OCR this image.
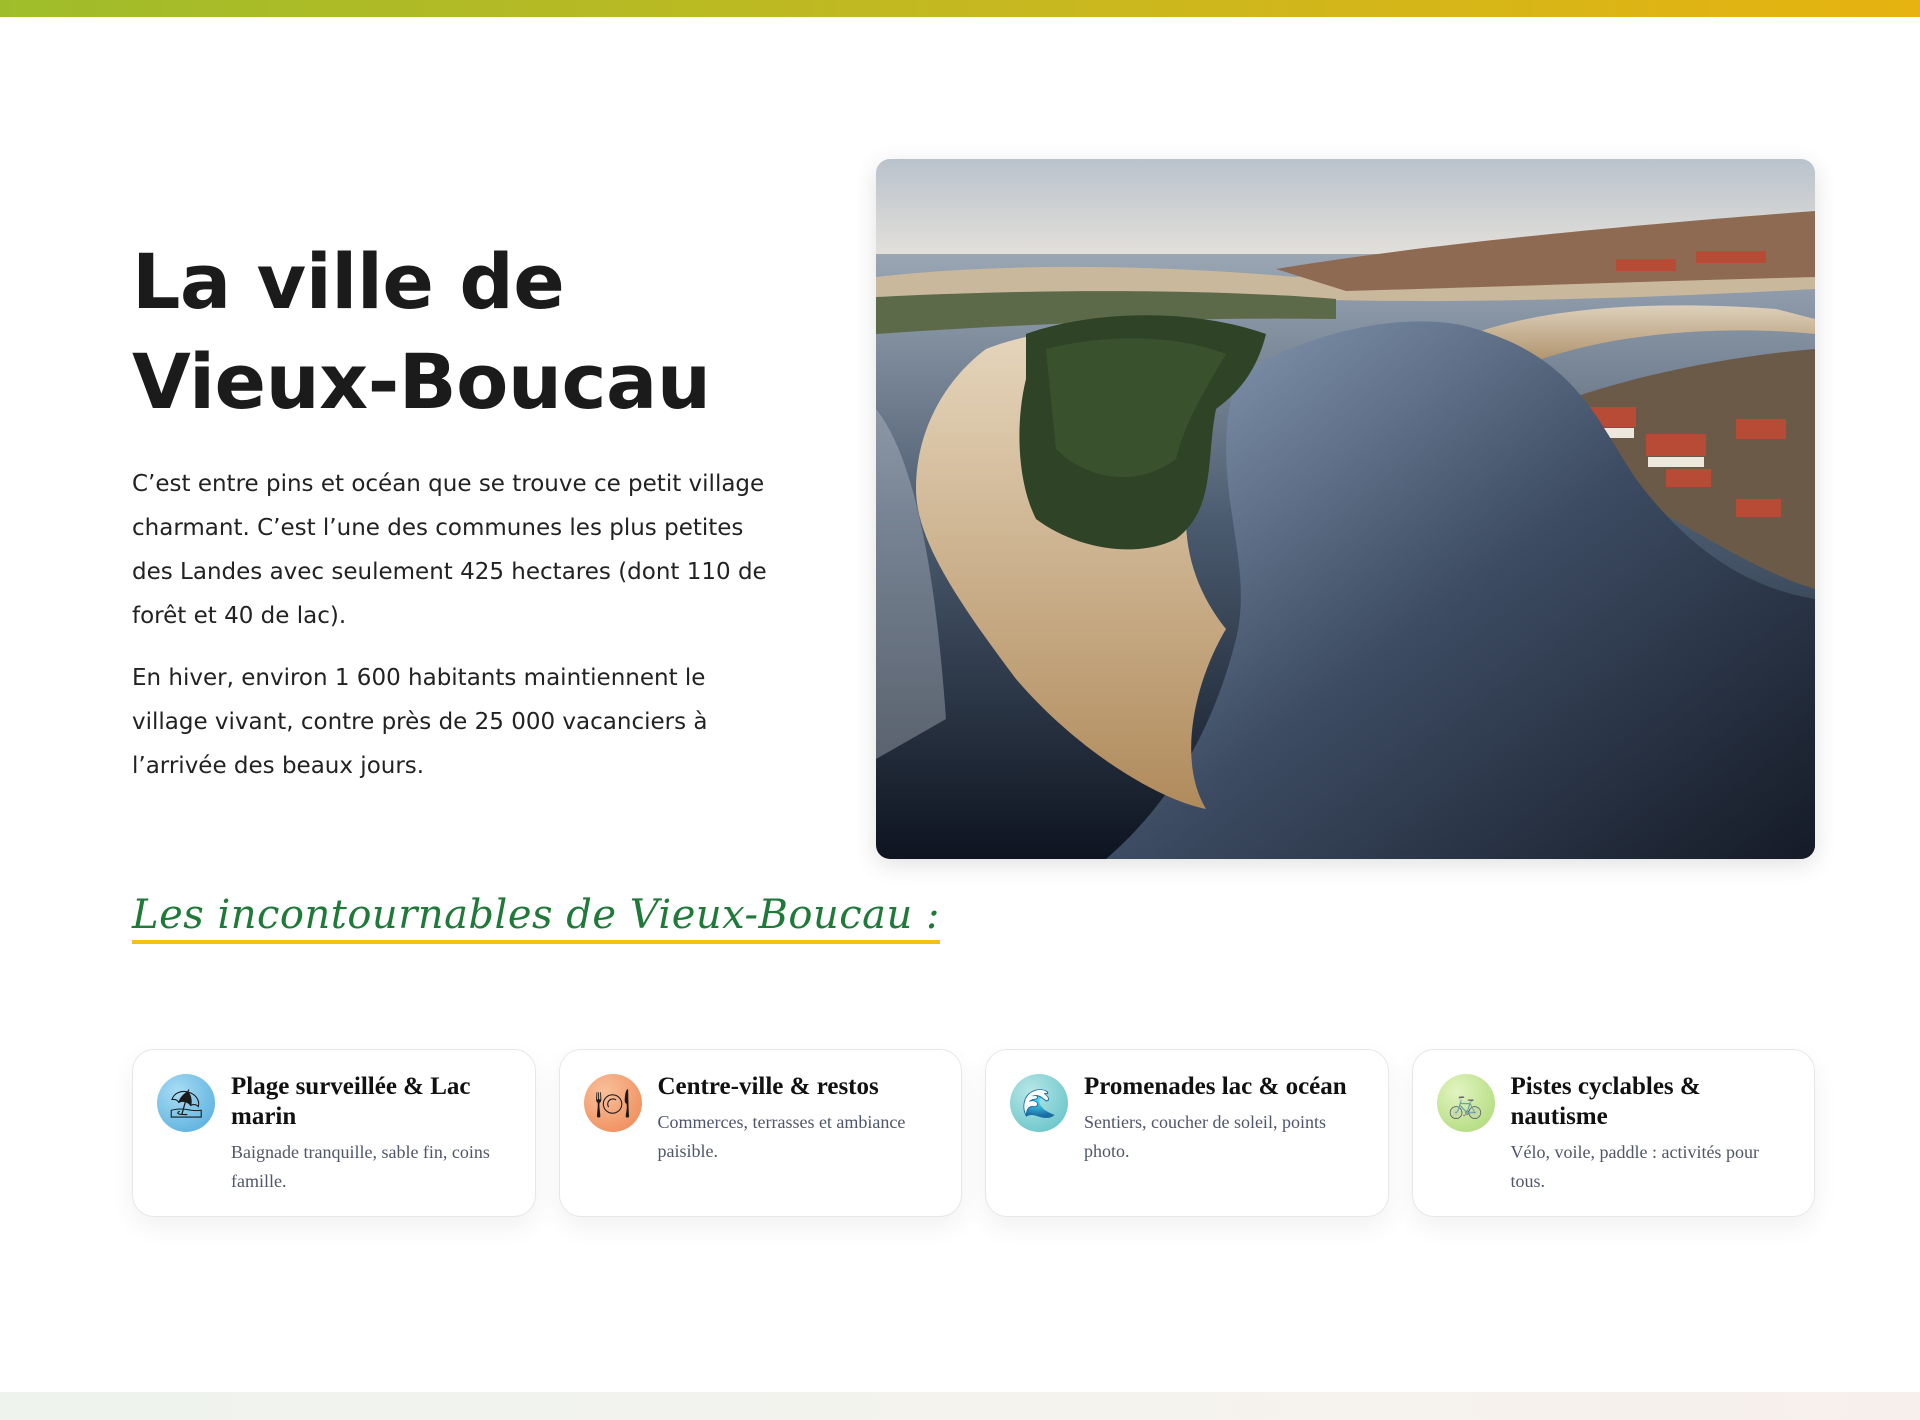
La ville de
Vieux-Boucau

C’est entre pins et océan que se trouve ce petit village charmant. C’est l’une des communes les plus petites des Landes avec seulement 425 hectares (dont 110 de forêt et 40 de lac).

En hiver, environ 1 600 habitants maintiennent le village vivant, contre près de 25 000 vacanciers à l’arrivée des beaux jours.

Les incontournables de Vieux-Boucau :
⛱	Plage surveillée & Lac marin

Baignade tranquille, sable fin, coins famille.

🍽	Centre-ville & restos

Commerces, terrasses et ambiance paisible.

🌊	Promenades lac & océan

Sentiers, coucher de soleil, points photo.

🚲	Pistes cyclables & nautisme

Vélo, voile, paddle : activités pour tous.
